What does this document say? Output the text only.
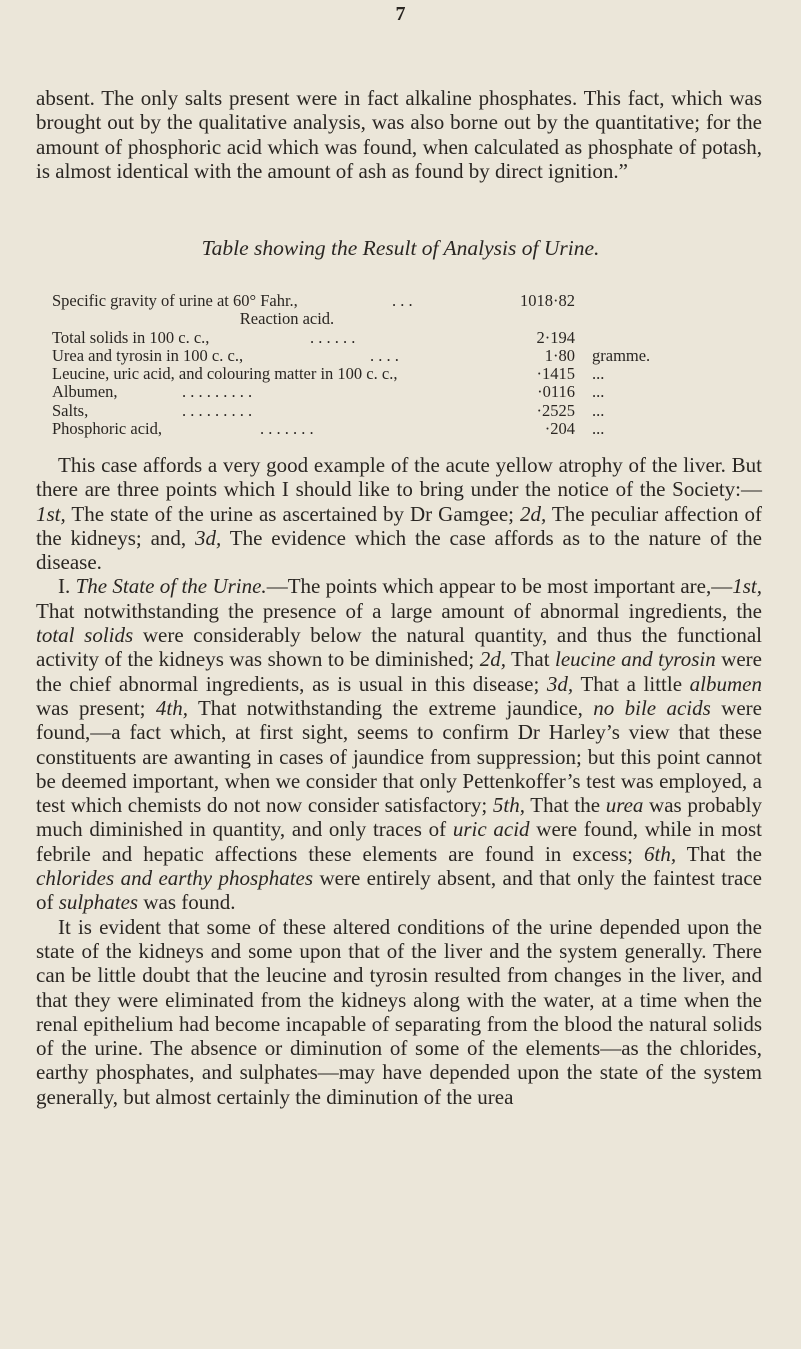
7

absent. The only salts present were in fact alkaline phosphates. This fact, which was brought out by the qualitative analysis, was also borne out by the quantitative; for the amount of phosphoric acid which was found, when calculated as phosphate of potash, is almost identical with the amount of ash as found by direct ignition.”

Table showing the Result of Analysis of Urine.
Specific gravity of urine at 60° Fahr.,	. . .	1018·82
Reaction acid.
Total solids in 100 c. c.,	. . . . . .	2·194
Urea and tyrosin in 100 c. c.,	. . . .	1·80 gramme.
Leucine, uric acid, and colouring matter in 100 c. c.,	·1415 ...
Albumen,	. . . . . . . . .	·0116 ...
Salts,	. . . . . . . . .	·2525 ...
Phosphoric acid,	. . . . . . .	·204 ...

This case affords a very good example of the acute yellow atrophy of the liver. But there are three points which I should like to bring under the notice of the Society:—1st, The state of the urine as ascertained by Dr Gamgee; 2d, The peculiar affection of the kidneys; and, 3d, The evidence which the case affords as to the nature of the disease.

I. The State of the Urine.—The points which appear to be most important are,—1st, That notwithstanding the presence of a large amount of abnormal ingredients, the total solids were considerably below the natural quantity, and thus the functional activity of the kidneys was shown to be diminished; 2d, That leucine and tyrosin were the chief abnormal ingredients, as is usual in this disease; 3d, That a little albumen was present; 4th, That notwithstanding the extreme jaundice, no bile acids were found,—a fact which, at first sight, seems to confirm Dr Harley’s view that these constituents are awanting in cases of jaundice from suppression; but this point cannot be deemed important, when we consider that only Pettenkoffer’s test was employed, a test which chemists do not now consider satisfactory; 5th, That the urea was probably much diminished in quantity, and only traces of uric acid were found, while in most febrile and hepatic affections these elements are found in excess; 6th, That the chlorides and earthy phosphates were entirely absent, and that only the faintest trace of sulphates was found.

It is evident that some of these altered conditions of the urine depended upon the state of the kidneys and some upon that of the liver and the system generally. There can be little doubt that the leucine and tyrosin resulted from changes in the liver, and that they were eliminated from the kidneys along with the water, at a time when the renal epithelium had become incapable of separating from the blood the natural solids of the urine. The absence or diminution of some of the elements—as the chlorides, earthy phosphates, and sulphates—may have depended upon the state of the system generally, but almost certainly the diminution of the urea
